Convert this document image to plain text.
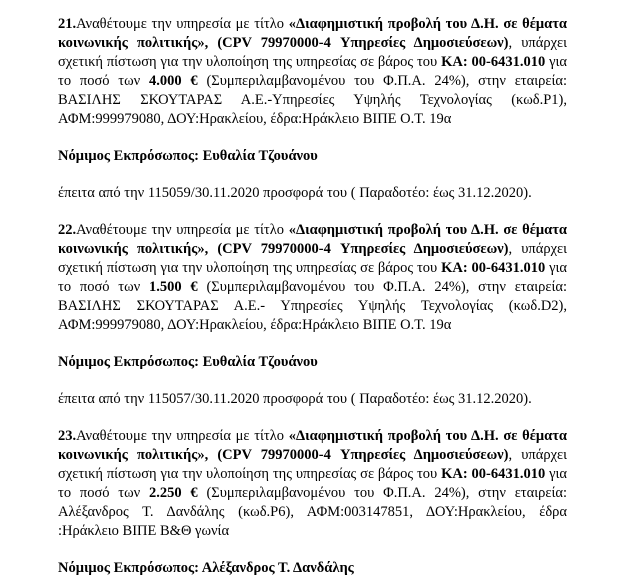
21.Αναθέτουμε την υπηρεσία με τίτλο «Διαφημιστική προβολή του Δ.Η. σε θέματα κοινωνικής πολιτικής», (CPV 79970000-4 Υπηρεσίες Δημοσιεύσεων), υπάρχει σχετική πίστωση για την υλοποίηση της υπηρεσίας σε βάρος του ΚΑ: 00-6431.010 για το ποσό των 4.000 € (Συμπεριλαμβανομένου του Φ.Π.Α. 24%), στην εταιρεία: ΒΑΣΙΛΗΣ ΣΚΟΥΤΑΡΑΣ Α.Ε.-Υπηρεσίες Υψηλής Τεχνολογίας (κωδ.P1), ΑΦΜ:999979080, ΔΟΥ:Ηρακλείου, έδρα:Ηράκλειο ΒΙΠΕ Ο.Τ. 19α

Νόμιμος Εκπρόσωπος: Ευθαλία Τζουάνου

έπειτα από την 115059/30.11.2020 προσφορά του ( Παραδοτέο: έως 31.12.2020).

22.Αναθέτουμε την υπηρεσία με τίτλο «Διαφημιστική προβολή του Δ.Η. σε θέματα κοινωνικής πολιτικής», (CPV 79970000-4 Υπηρεσίες Δημοσιεύσεων), υπάρχει σχετική πίστωση για την υλοποίηση της υπηρεσίας σε βάρος του ΚΑ: 00-6431.010 για το ποσό των 1.500 € (Συμπεριλαμβανομένου του Φ.Π.Α. 24%), στην εταιρεία: ΒΑΣΙΛΗΣ ΣΚΟΥΤΑΡΑΣ Α.Ε.- Υπηρεσίες Υψηλής Τεχνολογίας (κωδ.D2), ΑΦΜ:999979080, ΔΟΥ:Ηρακλείου, έδρα:Ηράκλειο ΒΙΠΕ Ο.Τ. 19α

Νόμιμος Εκπρόσωπος: Ευθαλία Τζουάνου

έπειτα από την 115057/30.11.2020 προσφορά του ( Παραδοτέο: έως 31.12.2020).

23.Αναθέτουμε την υπηρεσία με τίτλο «Διαφημιστική προβολή του Δ.Η. σε θέματα κοινωνικής πολιτικής», (CPV 79970000-4 Υπηρεσίες Δημοσιεύσεων), υπάρχει σχετική πίστωση για την υλοποίηση της υπηρεσίας σε βάρος του ΚΑ: 00-6431.010 για το ποσό των 2.250 € (Συμπεριλαμβανομένου του Φ.Π.Α. 24%), στην εταιρεία: Αλέξανδρος Τ. Δανδάλης (κωδ.P6), ΑΦΜ:003147851, ΔΟΥ:Ηρακλείου, έδρα :Ηράκλειο ΒΙΠΕ Β&Θ γωνία

Νόμιμος Εκπρόσωπος: Αλέξανδρος Τ. Δανδάλης
